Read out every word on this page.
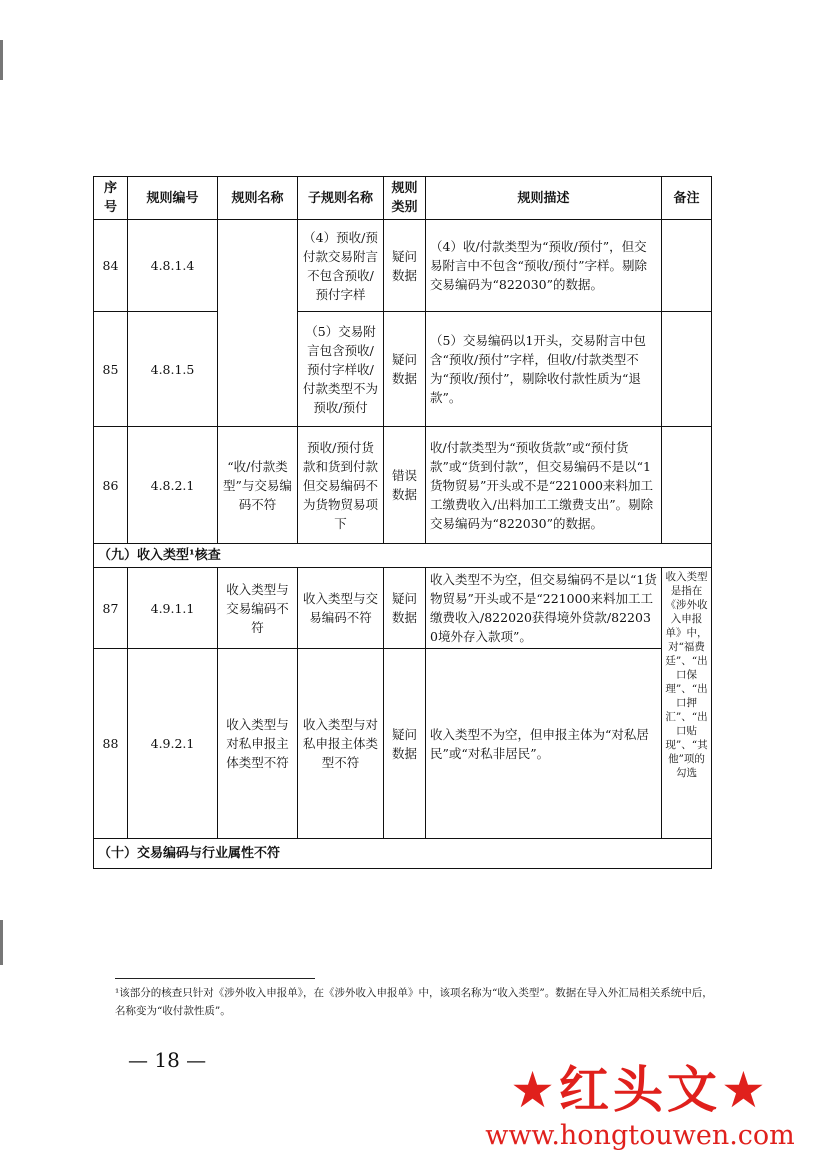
序号	规则编号	规则名称	子规则名称	规则类别	规则描述	备注
84	4.8.1.4		（4）预收/预付款交易附言不包含预收/预付字样	疑问数据	（4）收/付款类型为“预收/预付”，但交易附言中不包含“预收/预付”字样。剔除交易编码为“822030”的数据。	
85	4.8.1.5		（5）交易附言包含预收/预付字样收/付款类型不为预收/预付	疑问数据	（5）交易编码以1开头，交易附言中包含“预收/预付”字样，但收/付款类型不为“预收/预付”，剔除收付款性质为“退款”。	
86	4.8.2.1	“收/付款类型”与交易编码不符	预收/预付货款和货到付款但交易编码不为货物贸易项下	错误数据	收/付款类型为“预收货款”或“预付货款”或“货到付款”，但交易编码不是以“1货物贸易”开头或不是“221000来料加工工缴费收入/出料加工工缴费支出”。剔除交易编码为“822030”的数据。	
（九）收入类型¹核查						
87	4.9.1.1	收入类型与交易编码不符	收入类型与交易编码不符	疑问数据	收入类型不为空，但交易编码不是以“1货物贸易”开头或不是“221000来料加工工缴费收入/822020获得境外贷款/822030境外存入款项”。	收入类型是指在《涉外收入申报单》中，对“福费廷”、“出口保理”、“出口押汇”、“出口贴现”、“其他”项的勾选
88	4.9.2.1	收入类型与对私申报主体类型不符	收入类型与对私申报主体类型不符	疑问数据	收入类型不为空，但申报主体为“对私居民”或“对私非居民”。	
（十）交易编码与行业属性不符						
¹该部分的核查只针对《涉外收入申报单》，在《涉外收入申报单》中，该项名称为“收入类型”。数据在导入外汇局相关系统中后，名称变为“收付款性质”。
— 18 —
★红头文★
www.hongtouwen.com
